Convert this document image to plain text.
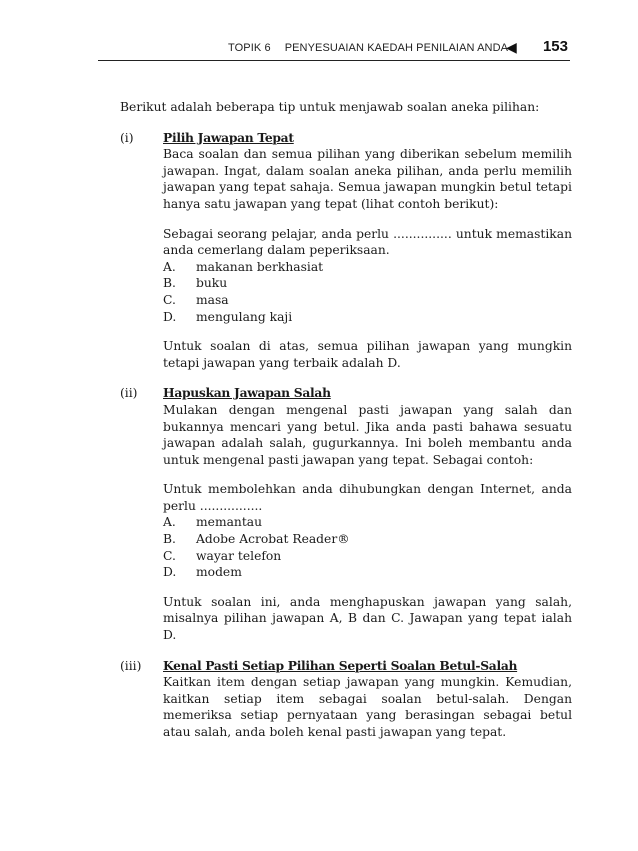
TOPIK 6 PENYESUAIAN KAEDAH PENILAIAN ANDA
◀ 153

Berikut adalah beberapa tip untuk menjawab soalan aneka pilihan:

(i) Pilih Jawapan Tepat

Baca soalan dan semua pilihan yang diberikan sebelum memilih jawapan. Ingat, dalam soalan aneka pilihan, anda perlu memilih jawapan yang tepat sahaja. Semua jawapan mungkin betul tetapi hanya satu jawapan yang tepat (lihat contoh berikut):

Sebagai seorang pelajar, anda perlu ............... untuk memastikan anda cemerlang dalam peperiksaan.

A.	makanan berkhasiat
B.	buku
C.	masa
D.	mengulang kaji

Untuk soalan di atas, semua pilihan jawapan yang mungkin tetapi jawapan yang terbaik adalah D.

(ii) Hapuskan Jawapan Salah

Mulakan dengan mengenal pasti jawapan yang salah dan bukannya mencari yang betul. Jika anda pasti bahawa sesuatu jawapan adalah salah, gugurkannya. Ini boleh membantu anda untuk mengenal pasti jawapan yang tepat. Sebagai contoh:

Untuk membolehkan anda dihubungkan dengan Internet, anda perlu ................

A.	memantau
B.	Adobe Acrobat Reader®
C.	wayar telefon
D.	modem

Untuk soalan ini, anda menghapuskan jawapan yang salah, misalnya pilihan jawapan A, B dan C. Jawapan yang tepat ialah D.

(iii) Kenal Pasti Setiap Pilihan Seperti Soalan Betul-Salah

Kaitkan item dengan setiap jawapan yang mungkin. Kemudian, kaitkan setiap item sebagai soalan betul-salah. Dengan memeriksa setiap pernyataan yang berasingan sebagai betul atau salah, anda boleh kenal pasti jawapan yang tepat.
